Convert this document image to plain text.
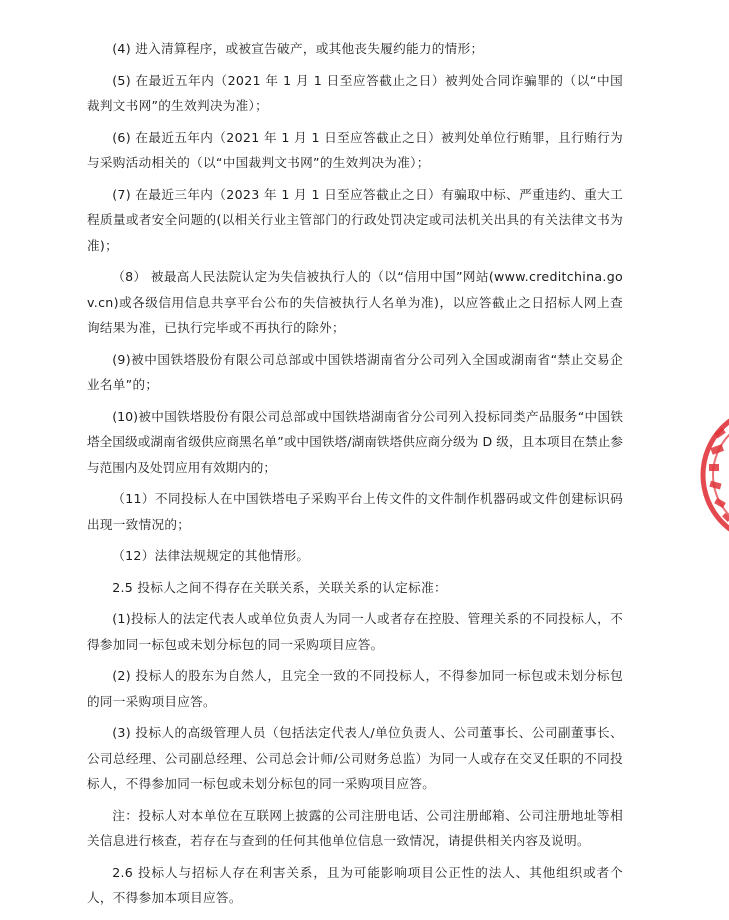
(4) 进入清算程序，或被宣告破产，或其他丧失履约能力的情形；

(5) 在最近五年内（2021 年 1 月 1 日至应答截止之日）被判处合同诈骗罪的（以“中国裁判文书网”的生效判决为准）；

(6) 在最近五年内（2021 年 1 月 1 日至应答截止之日）被判处单位行贿罪，且行贿行为与采购活动相关的（以“中国裁判文书网”的生效判决为准）；

(7) 在最近三年内（2023 年 1 月 1 日至应答截止之日）有骗取中标、严重违约、重大工程质量或者安全问题的(以相关行业主管部门的行政处罚决定或司法机关出具的有关法律文书为准)；

（8） 被最高人民法院认定为失信被执行人的（以“信用中国”网站(www.creditchina.gov.cn)或各级信用信息共享平台公布的失信被执行人名单为准)，以应答截止之日招标人网上查询结果为准，已执行完毕或不再执行的除外；

(9)被中国铁塔股份有限公司总部或中国铁塔湖南省分公司列入全国或湖南省“禁止交易企业名单”的；

(10)被中国铁塔股份有限公司总部或中国铁塔湖南省分公司列入投标同类产品服务“中国铁塔全国级或湖南省级供应商黑名单”或中国铁塔/湖南铁塔供应商分级为 D 级，且本项目在禁止参与范围内及处罚应用有效期内的；

（11）不同投标人在中国铁塔电子采购平台上传文件的文件制作机器码或文件创建标识码出现一致情况的；

（12）法律法规规定的其他情形。

2.5 投标人之间不得存在关联关系，关联关系的认定标准：

(1)投标人的法定代表人或单位负责人为同一人或者存在控股、管理关系的不同投标人，不得参加同一标包或未划分标包的同一采购项目应答。

(2) 投标人的股东为自然人，且完全一致的不同投标人，不得参加同一标包或未划分标包的同一采购项目应答。

(3) 投标人的高级管理人员（包括法定代表人/单位负责人、公司董事长、公司副董事长、公司总经理、公司副总经理、公司总会计师/公司财务总监）为同一人或存在交叉任职的不同投标人，不得参加同一标包或未划分标包的同一采购项目应答。

注：投标人对本单位在互联网上披露的公司注册电话、公司注册邮箱、公司注册地址等相关信息进行核查，若存在与查到的任何其他单位信息一致情况，请提供相关内容及说明。

2.6 投标人与招标人存在利害关系，且为可能影响项目公正性的法人、其他组织或者个人，不得参加本项目应答。
